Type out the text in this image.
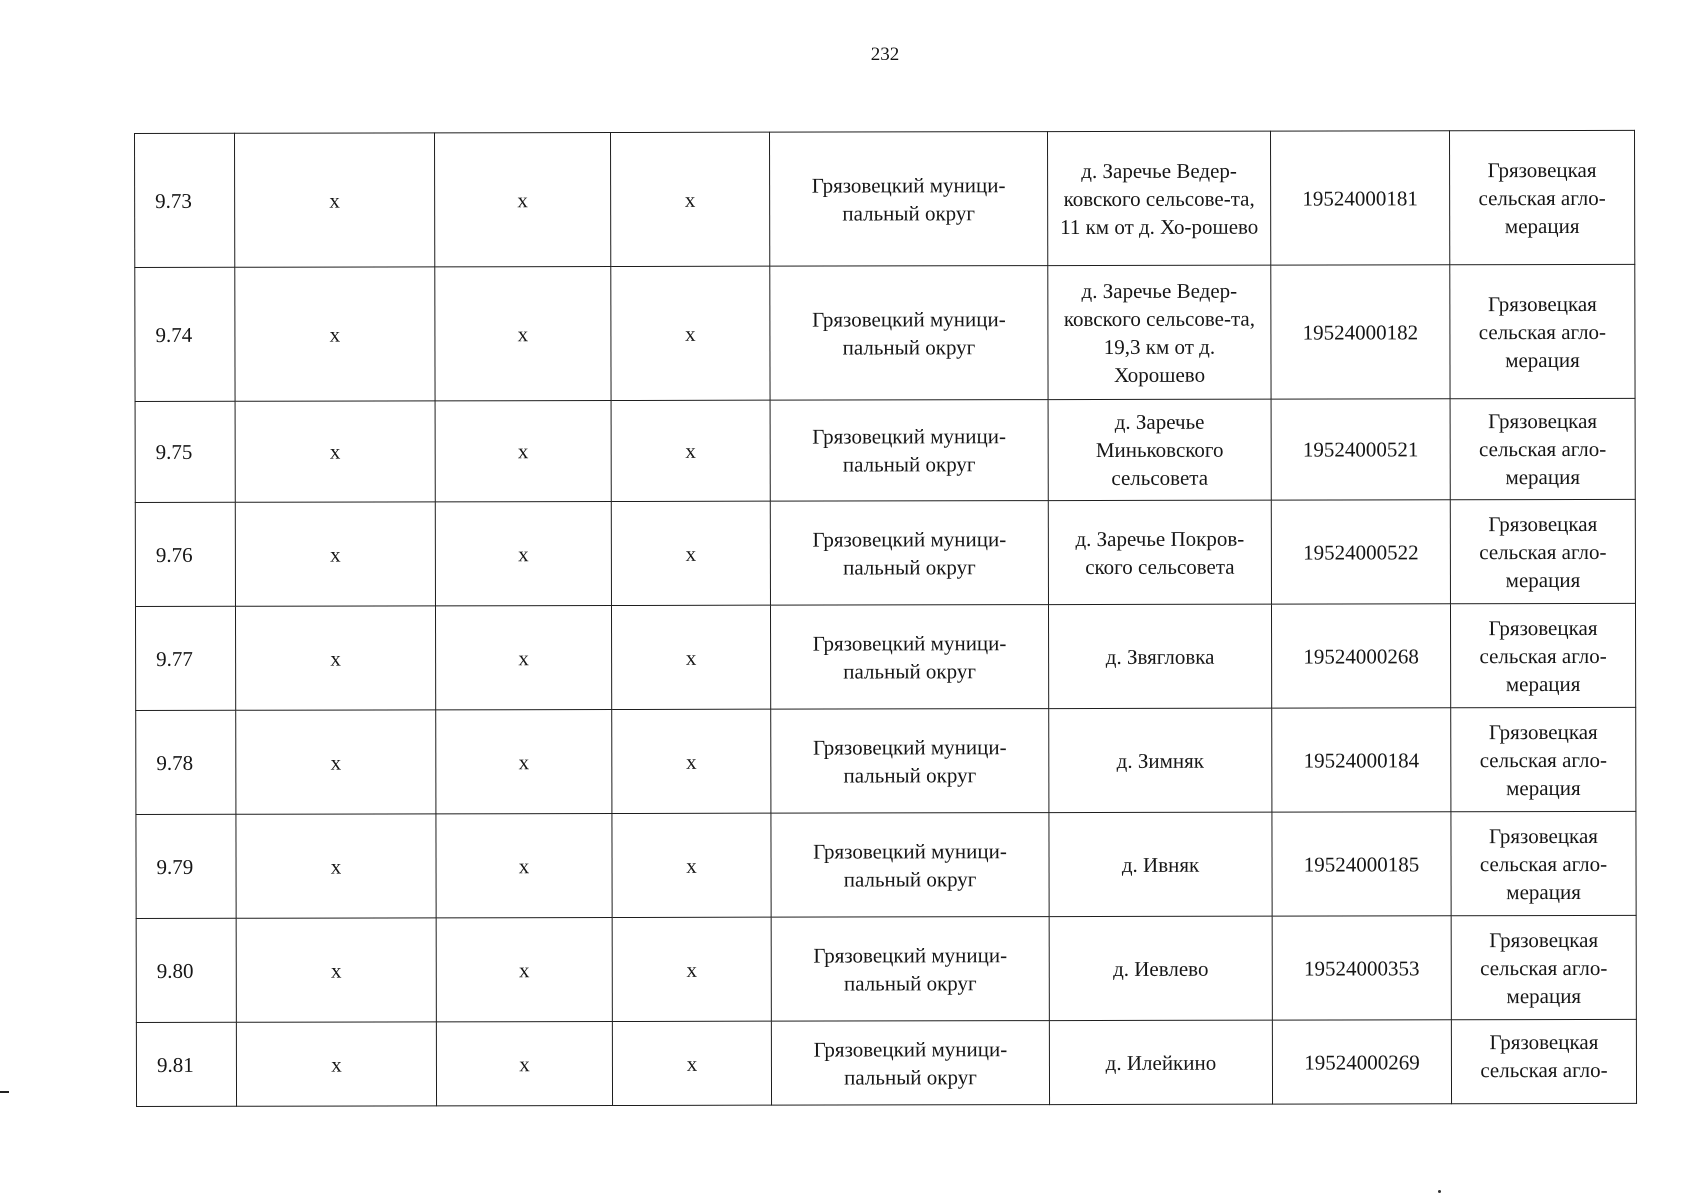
232
9.73	х	х	х	Грязовецкий муници-пальный округ	д. Заречье Ведер-ковского сельсове-та, 11 км от д. Хо-рошево	19524000181	Грязовецкая сельская агло-мерация
9.74	х	х	х	Грязовецкий муници-пальный округ	д. Заречье Ведер-ковского сельсове-та, 19,3 км от д. Хорошево	19524000182	Грязовецкая сельская агло-мерация
9.75	х	х	х	Грязовецкий муници-пальный округ	д. Заречье Миньковского сельсовета	19524000521	Грязовецкая сельская агло-мерация
9.76	х	х	х	Грязовецкий муници-пальный округ	д. Заречье Покров-ского сельсовета	19524000522	Грязовецкая сельская агло-мерация
9.77	х	х	х	Грязовецкий муници-пальный округ	д. Звягловка	19524000268	Грязовецкая сельская агло-мерация
9.78	х	х	х	Грязовецкий муници-пальный округ	д. Зимняк	19524000184	Грязовецкая сельская агло-мерация
9.79	х	х	х	Грязовецкий муници-пальный округ	д. Ивняк	19524000185	Грязовецкая сельская агло-мерация
9.80	х	х	х	Грязовецкий муници-пальный округ	д. Иевлево	19524000353	Грязовецкая сельская агло-мерация
9.81	х	х	х	Грязовецкий муници-пальный округ	д. Илейкино	19524000269	Грязовецкая сельская агло-
